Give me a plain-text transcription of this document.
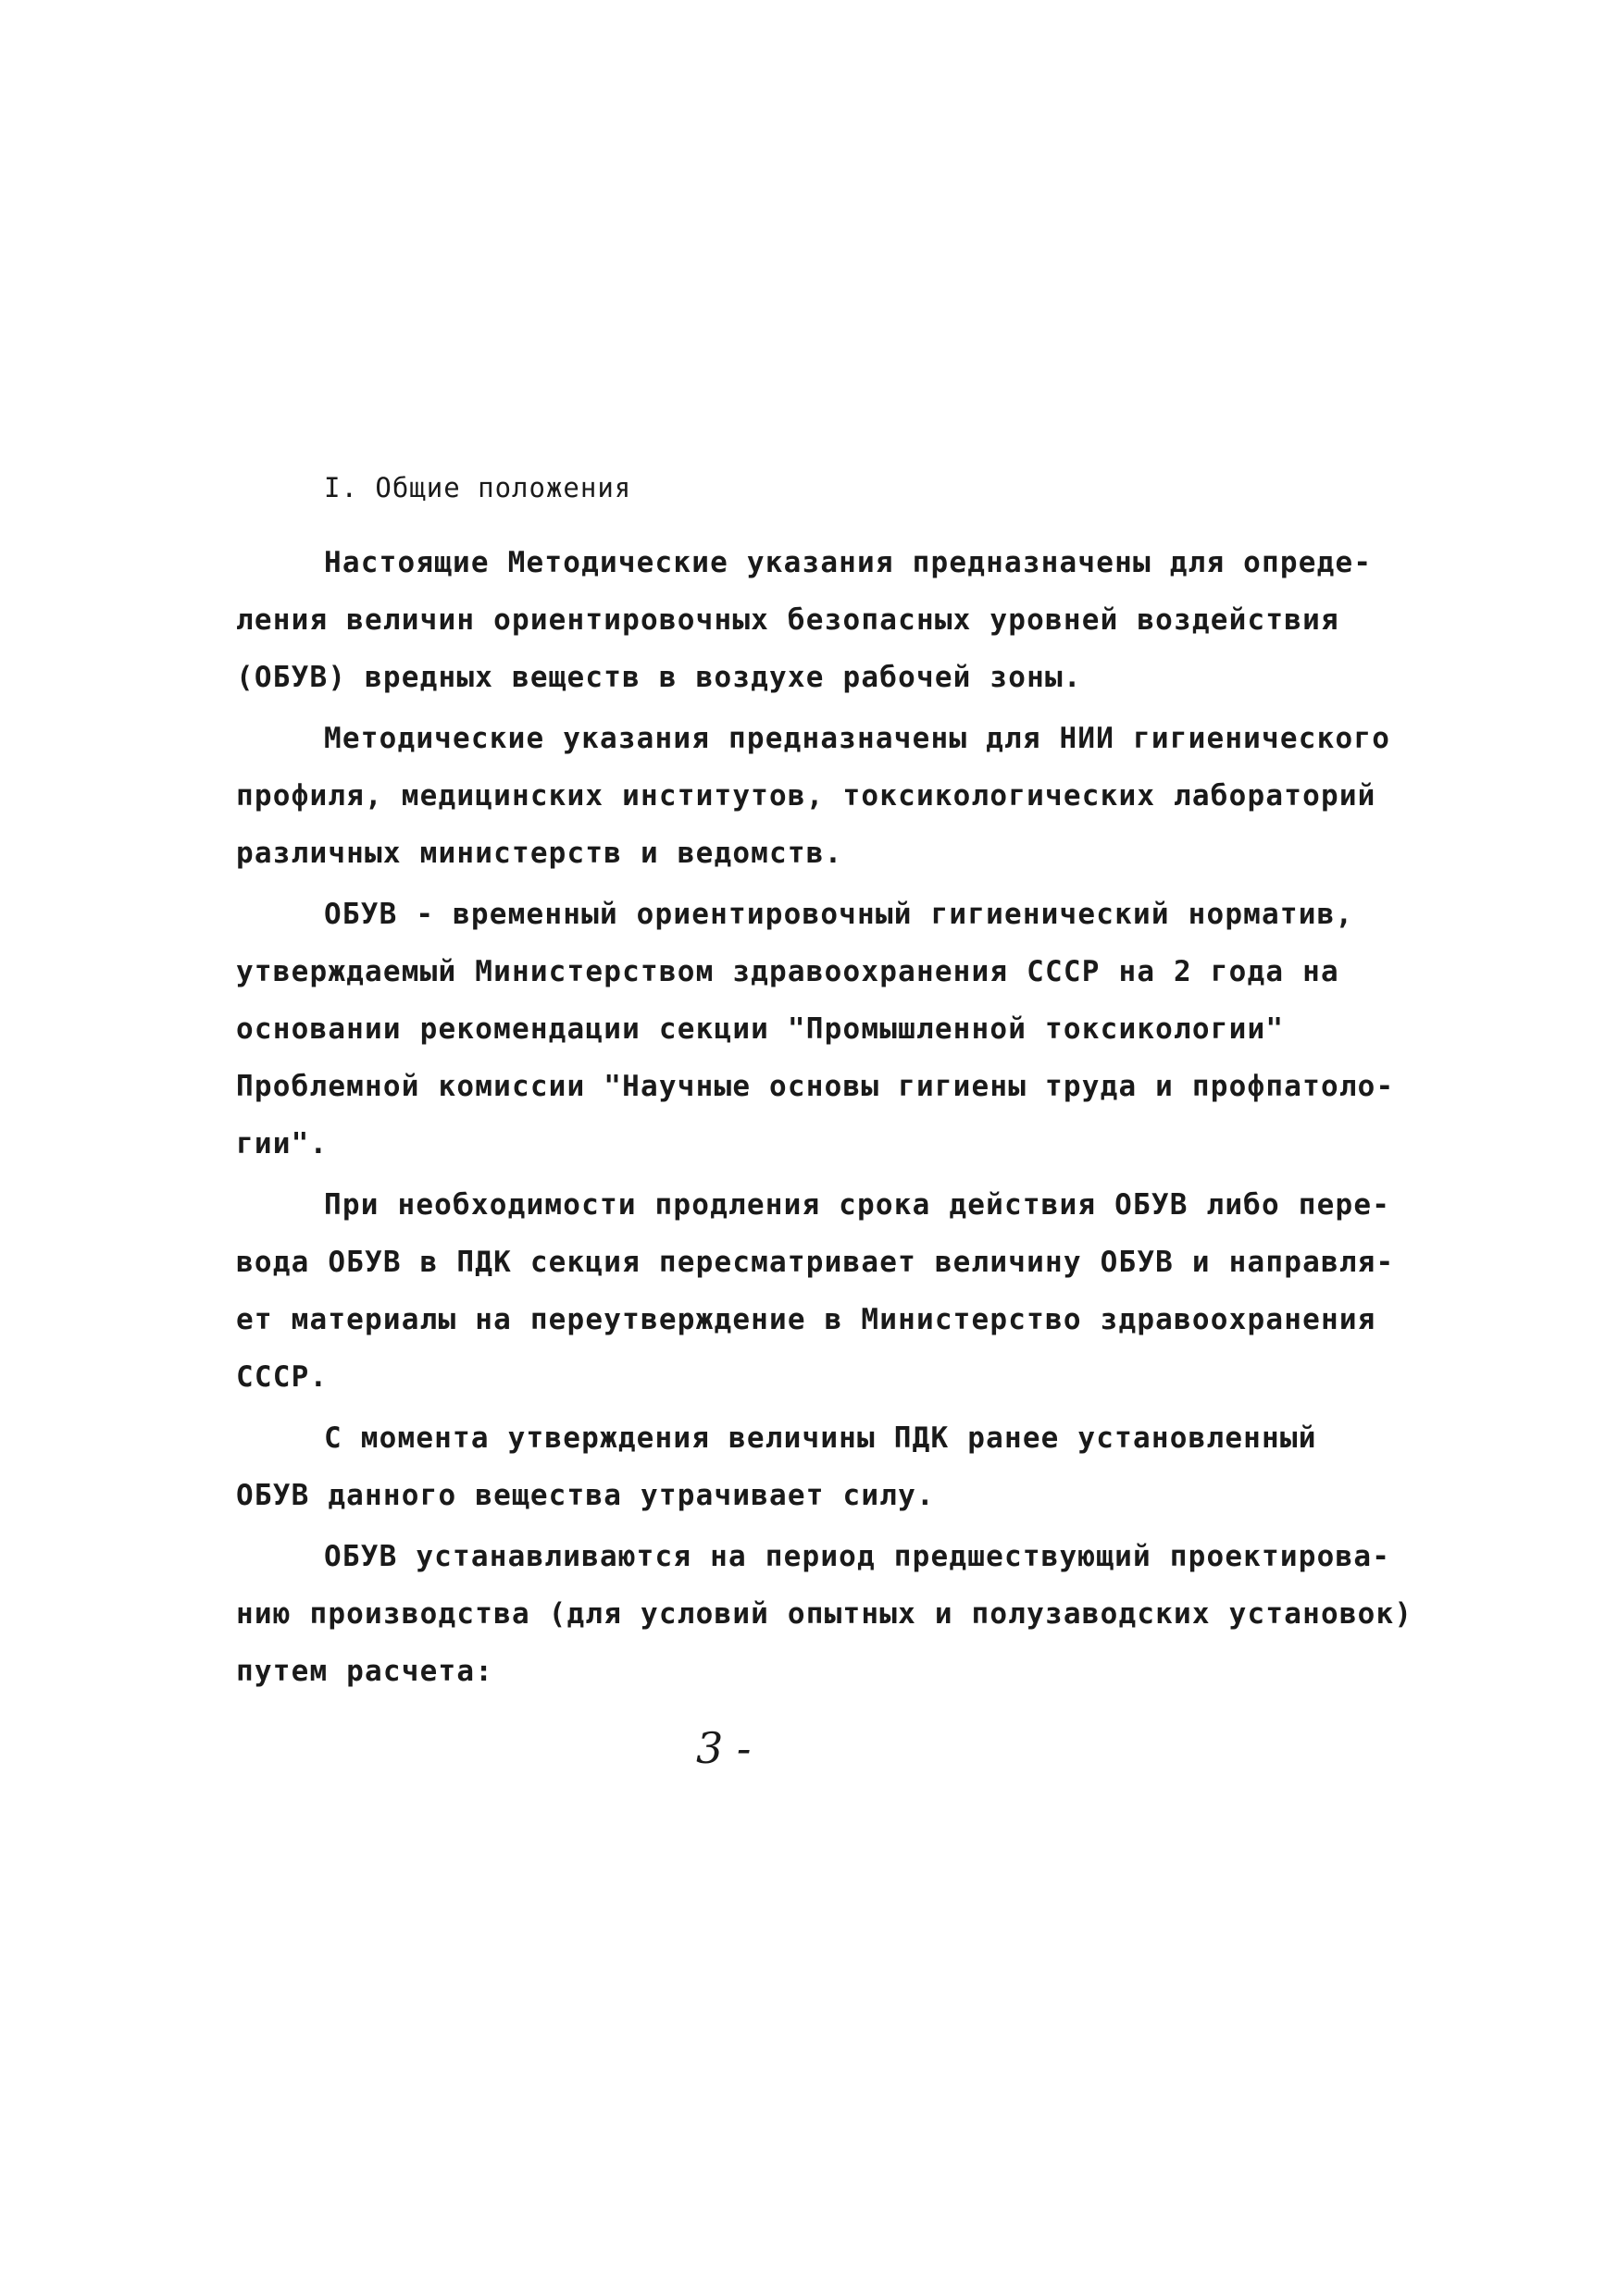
I. Общие положения
Настоящие Методические указания предназначены для опреде-
ления величин ориентировочных безопасных уровней воздействия
(ОБУВ) вредных веществ в воздухе рабочей зоны.
Методические указания предназначены для НИИ гигиенического
профиля, медицинских институтов, токсикологических лабораторий
различных министерств и ведомств.
ОБУВ - временный ориентировочный гигиенический норматив,
утверждаемый Министерством здравоохранения СССР на 2 года на
основании рекомендации секции "Промышленной токсикологии"
Проблемной комиссии "Научные основы гигиены труда и профпатоло-
гии".
При необходимости продления срока действия ОБУВ либо пере-
вода ОБУВ в ПДК секция пересматривает величину ОБУВ и направля-
ет материалы на переутверждение в Министерство здравоохранения
СССР.
С момента утверждения величины ПДК ранее установленный
ОБУВ данного вещества утрачивает силу.
ОБУВ устанавливаются на период предшествующий проектирова-
нию производства (для условий опытных и полузаводских установок)
путем расчета:
3 -
